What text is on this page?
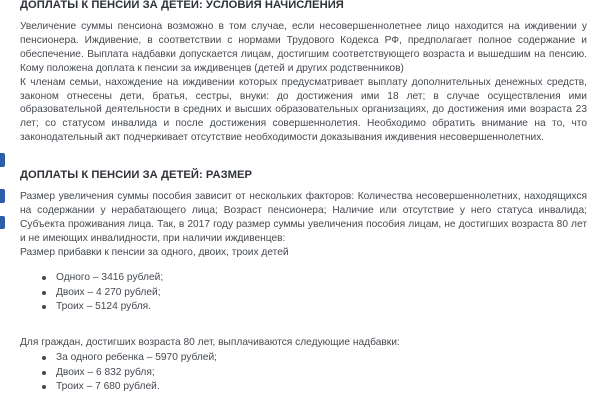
ДОПЛАТЫ К ПЕНСИИ ЗА ДЕТЕЙ: УСЛОВИЯ НАЧИСЛЕНИЯ

Увеличение суммы пенсиона возможно в том случае, если несовершеннолетнее лицо находится на иждивении у пенсионера. Иждивение, в соответствии с нормами Трудового Кодекса РФ, предполагает полное содержание и обеспечение. Выплата надбавки допускается лицам, достигшим соответствующего возраста и вышедшим на пенсию. Кому положена доплата к пенсии за иждивенцев (детей и других родственников)

К членам семьи, нахождение на иждивении которых предусматривает выплату дополнительных денежных средств, законом отнесены дети, братья, сестры, внуки: до достижения ими 18 лет; в случае осуществления ими образовательной деятельности в средних и высших образовательных организациях, до достижения ими возраста 23 лет; со статусом инвалида и после достижения совершеннолетия. Необходимо обратить внимание на то, что законодательный акт подчеркивает отсутствие необходимости доказывания иждивения несовершеннолетних.

ДОПЛАТЫ К ПЕНСИИ ЗА ДЕТЕЙ: РАЗМЕР

Размер увеличения суммы пособия зависит от нескольких факторов: Количества несовершеннолетних, находящихся на содержании у нерабатающего лица; Возраст пенсионера; Наличие или отсутствие у него статуса инвалида; Субъекта проживания лица. Так, в 2017 году размер суммы увеличения пособия лицам, не достигших возраста 80 лет и не имеющих инвалидности, при наличии иждивенцев:

Размер прибавки к пенсии за одного, двоих, троих детей

Одного – 3416 рублей;
Двоих – 4 270 рублей;
Троих – 5124 рубля.

Для граждан, достигших возраста 80 лет, выплачиваются следующие надбавки:

За одного ребенка – 5970 рублей;
Двоих – 6 832 рубля;
Троих – 7 680 рублей.
